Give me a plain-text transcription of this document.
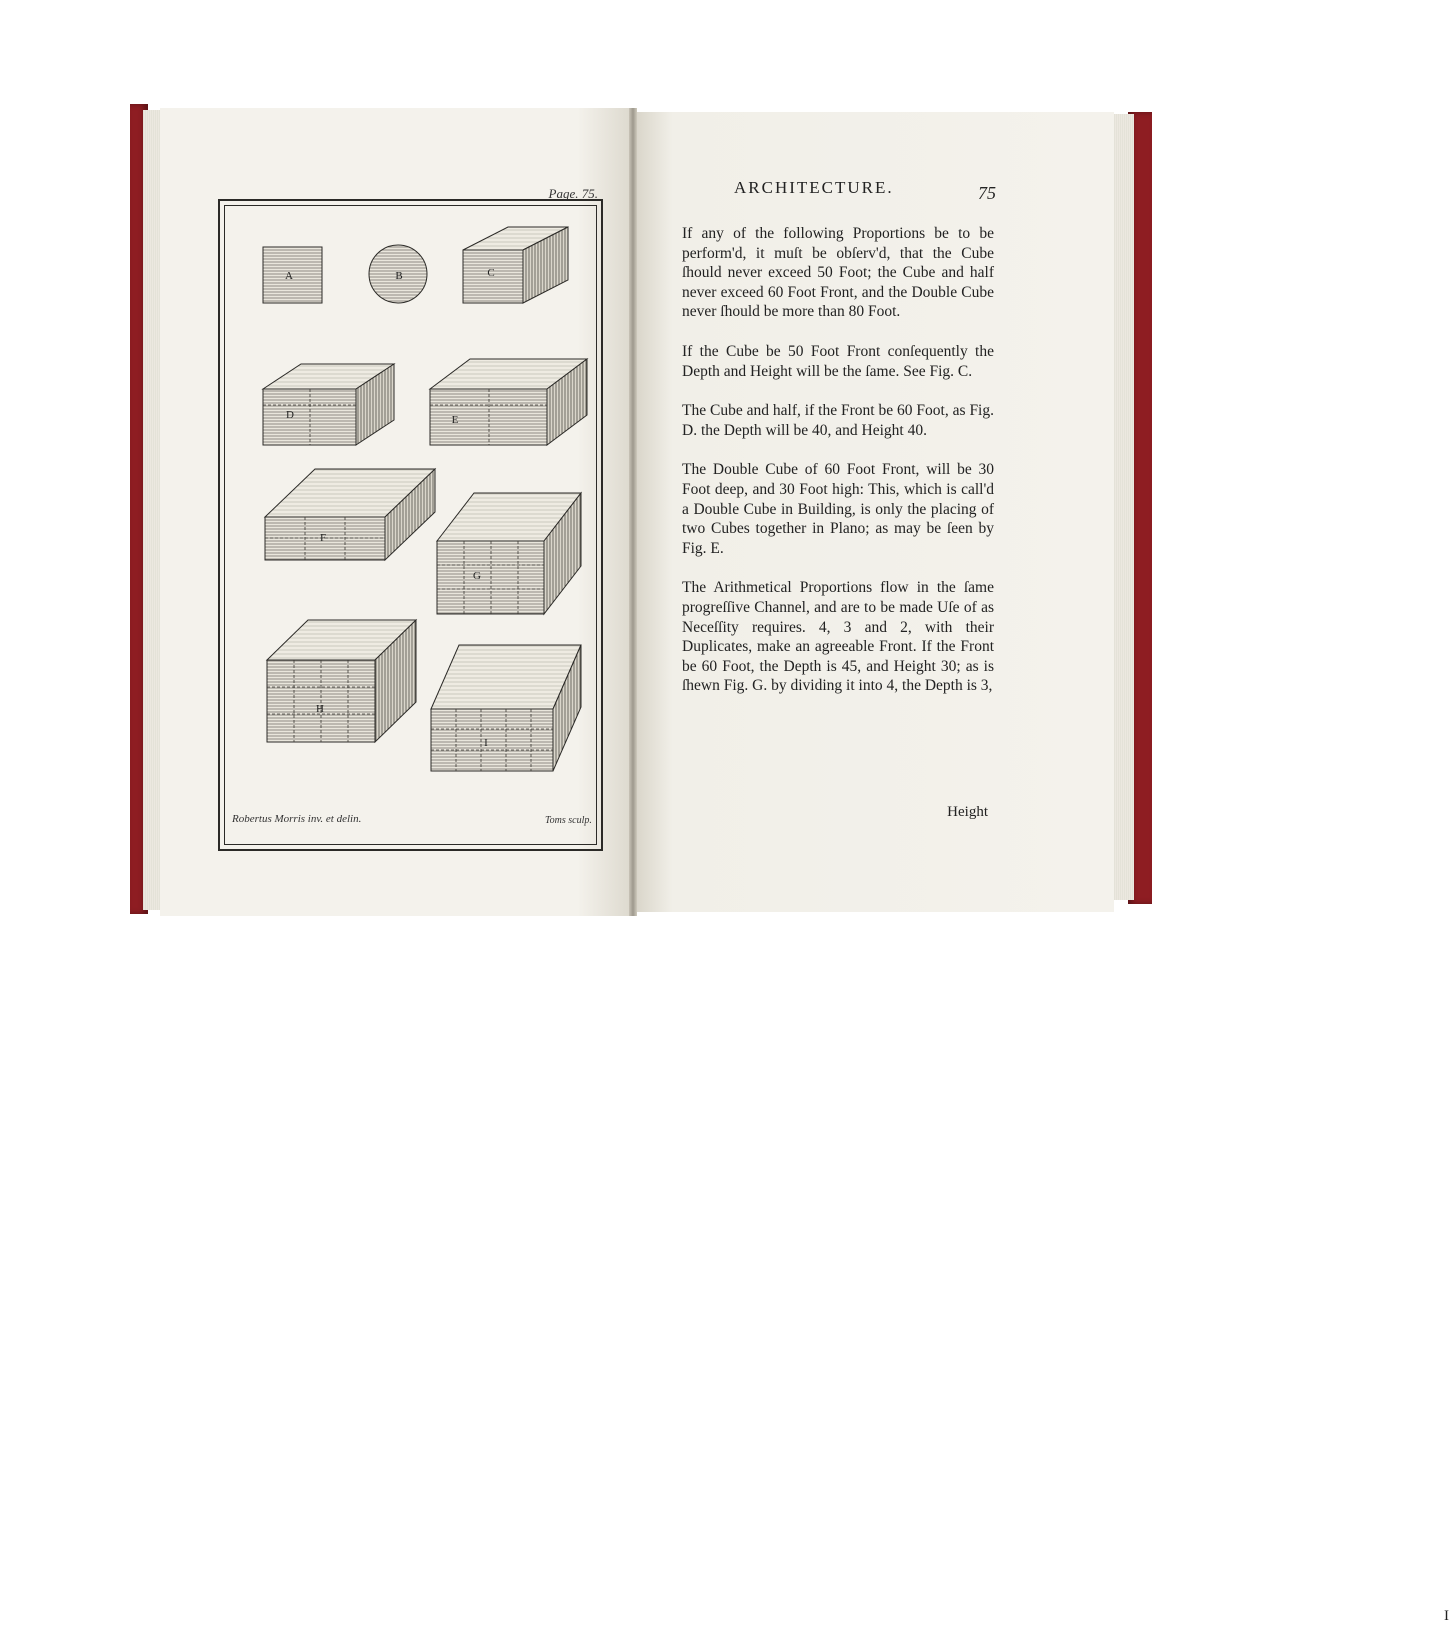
Page. 75.
A	B	C
D	E
F
G
H
I
Robertus Morris inv. et delin.	Toms sculp.
ARCHITECTURE.	75

If any of the following Proportions be to be perform'd, it muſt be obſerv'd, that the Cube ſhould never exceed 50 Foot; the Cube and half never exceed 60 Foot Front, and the Double Cube never ſhould be more than 80 Foot.

If the Cube be 50 Foot Front conſequently the Depth and Height will be the ſame. See Fig. C.

The Cube and half, if the Front be 60 Foot, as Fig. D. the Depth will be 40, and Height 40.

The Double Cube of 60 Foot Front, will be 30 Foot deep, and 30 Foot high: This, which is call'd a Double Cube in Building, is only the placing of two Cubes together in Plano; as may be ſeen by Fig. E.

The Arithmetical Proportions flow in the ſame progreſſive Channel, and are to be made Uſe of as Neceſſity requires. 4, 3 and 2, with their Duplicates, make an agreeable Front. If the Front be 60 Foot, the Depth is 45, and Height 30; as is ſhewn Fig. G. by dividing it into 4, the Depth is 3,

I
Height
